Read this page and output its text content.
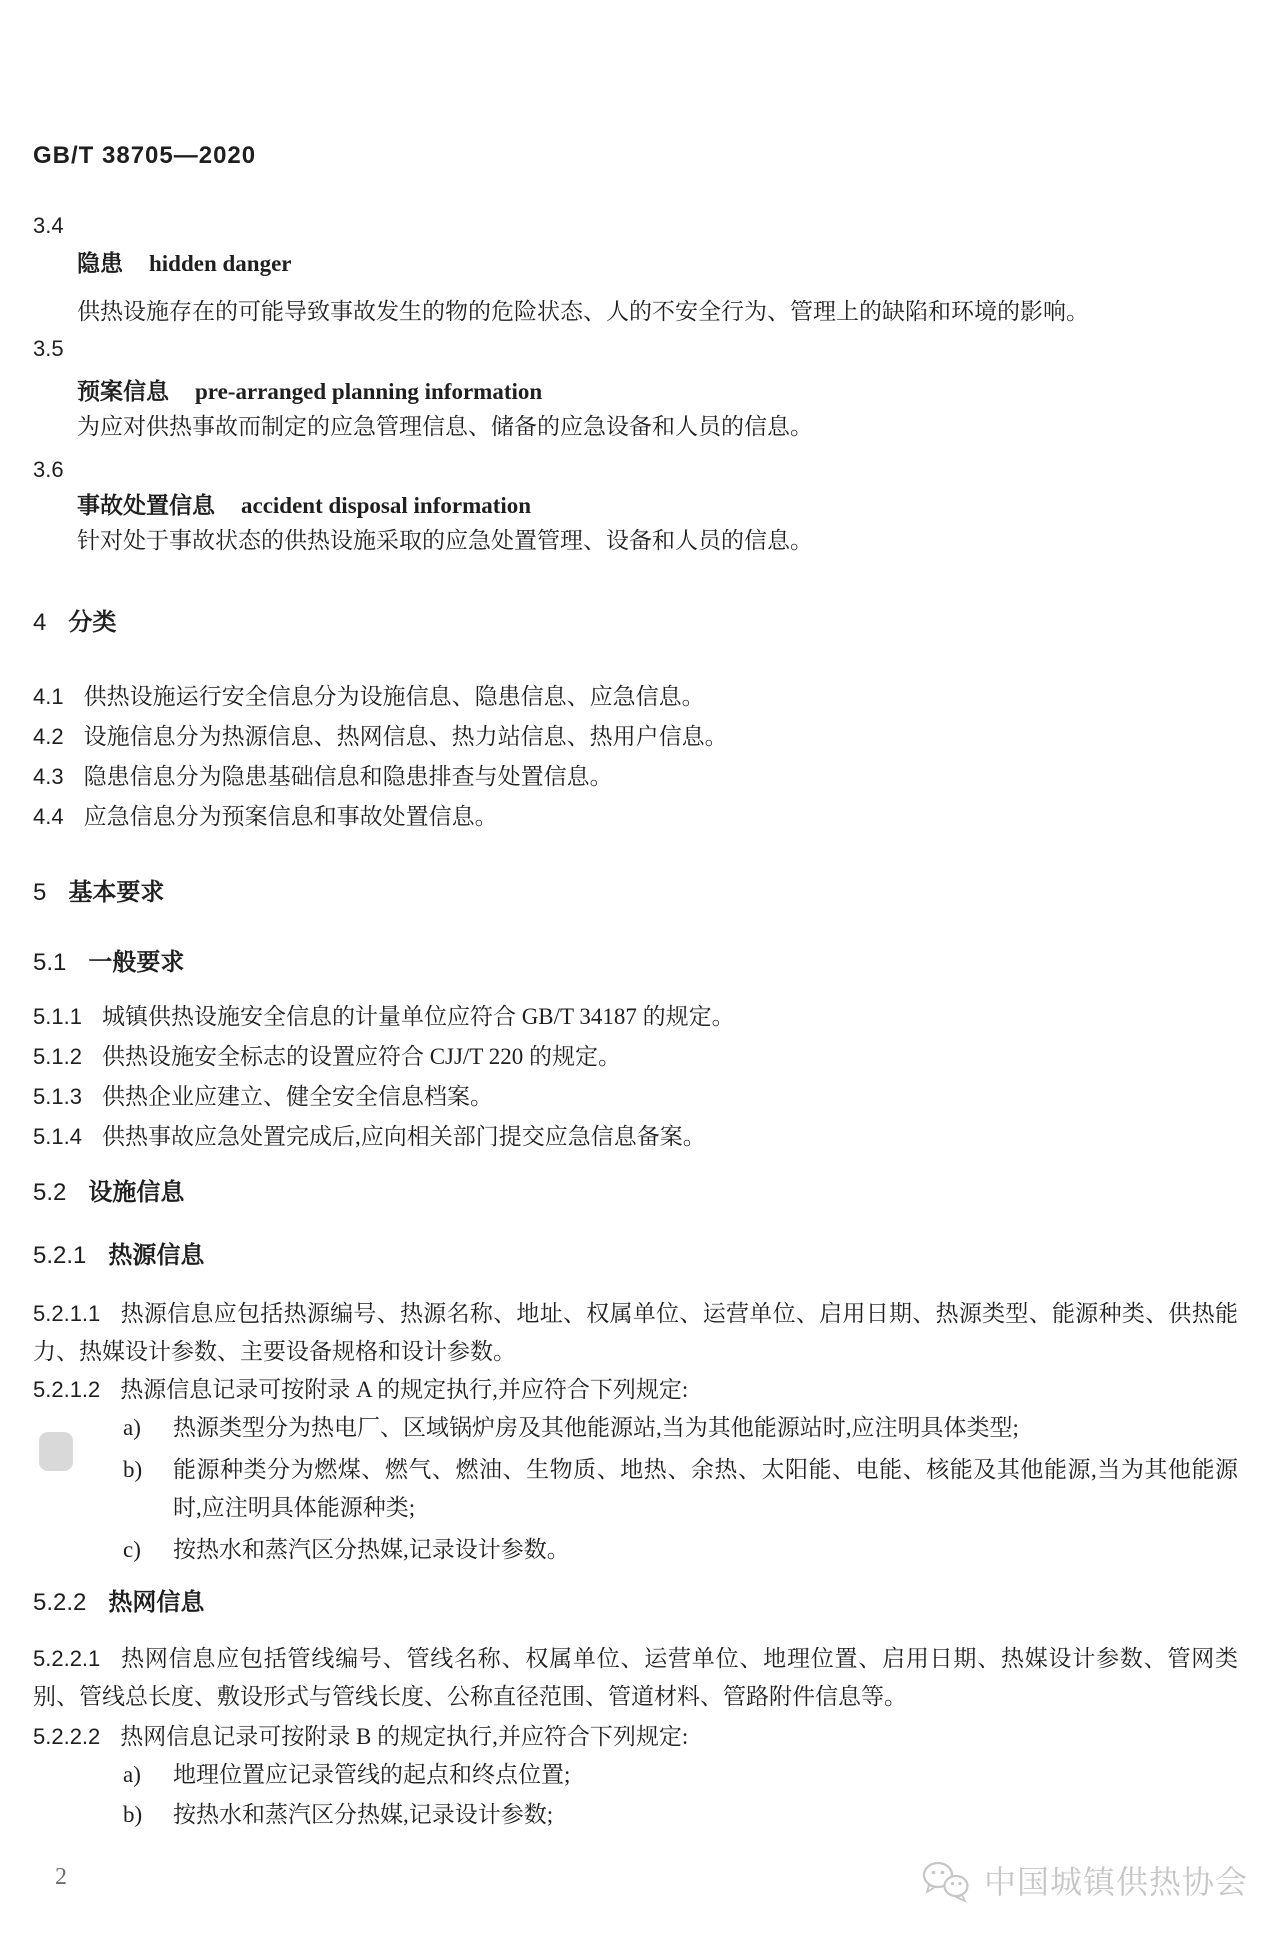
GB/T 38705—2020
3.4
隐患 hidden danger

供热设施存在的可能导致事故发生的物的危险状态、人的不安全行为、管理上的缺陷和环境的影响。

3.5
预案信息 pre-arranged planning information

为应对供热事故而制定的应急管理信息、储备的应急设备和人员的信息。

3.6
事故处置信息 accident disposal information

针对处于事故状态的供热设施采取的应急处置管理、设备和人员的信息。

4 分类

4.1 供热设施运行安全信息分为设施信息、隐患信息、应急信息。

4.2 设施信息分为热源信息、热网信息、热力站信息、热用户信息。

4.3 隐患信息分为隐患基础信息和隐患排查与处置信息。

4.4 应急信息分为预案信息和事故处置信息。

5 基本要求
5.1 一般要求

5.1.1 城镇供热设施安全信息的计量单位应符合 GB/T 34187 的规定。

5.1.2 供热设施安全标志的设置应符合 CJJ/T 220 的规定。

5.1.3 供热企业应建立、健全安全信息档案。

5.1.4 供热事故应急处置完成后,应向相关部门提交应急信息备案。

5.2 设施信息
5.2.1 热源信息

5.2.1.1 热源信息应包括热源编号、热源名称、地址、权属单位、运营单位、启用日期、热源类型、能源种类、供热能力、热媒设计参数、主要设备规格和设计参数。

5.2.1.2 热源信息记录可按附录 A 的规定执行,并应符合下列规定:

a)	热源类型分为热电厂、区域锅炉房及其他能源站,当为其他能源站时,应注明具体类型;

b)	能源种类分为燃煤、燃气、燃油、生物质、地热、余热、太阳能、电能、核能及其他能源,当为其他能源时,应注明具体能源种类;

c)	按热水和蒸汽区分热媒,记录设计参数。

5.2.2 热网信息

5.2.2.1 热网信息应包括管线编号、管线名称、权属单位、运营单位、地理位置、启用日期、热媒设计参数、管网类别、管线总长度、敷设形式与管线长度、公称直径范围、管道材料、管路附件信息等。

5.2.2.2 热网信息记录可按附录 B 的规定执行,并应符合下列规定:

a)	地理位置应记录管线的起点和终点位置;

b)	按热水和蒸汽区分热媒,记录设计参数;

2	中国城镇供热协会
